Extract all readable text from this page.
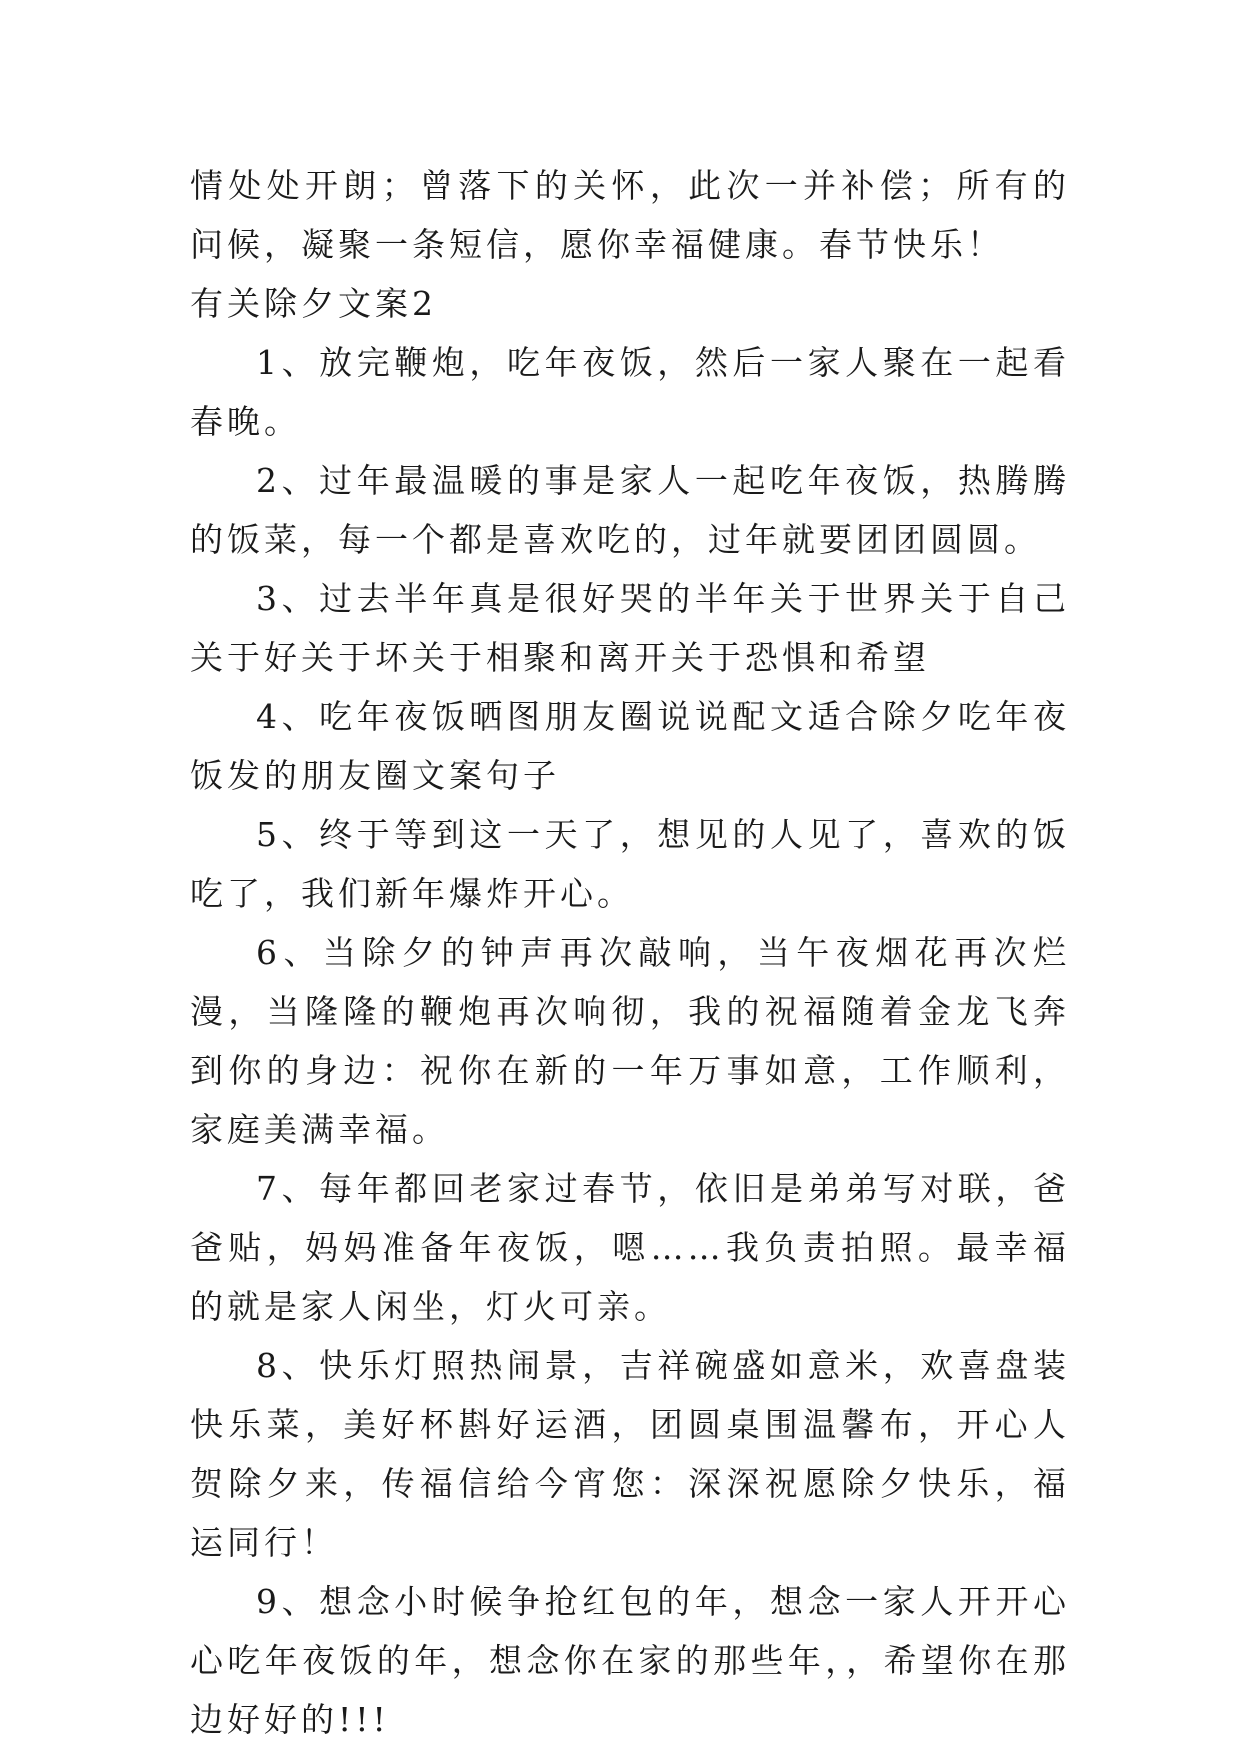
情处处开朗；曾落下的关怀，此次一并补偿；所有的问候，凝聚一条短信，愿你幸福健康。春节快乐！

有关除夕文案2

1、放完鞭炮，吃年夜饭，然后一家人聚在一起看春晚。

2、过年最温暖的事是家人一起吃年夜饭，热腾腾的饭菜，每一个都是喜欢吃的，过年就要团团圆圆。

3、过去半年真是很好哭的半年关于世界关于自己关于好关于坏关于相聚和离开关于恐惧和希望

4、吃年夜饭晒图朋友圈说说配文适合除夕吃年夜饭发的朋友圈文案句子

5、终于等到这一天了，想见的人见了，喜欢的饭吃了，我们新年爆炸开心。

6、当除夕的钟声再次敲响，当午夜烟花再次烂漫，当隆隆的鞭炮再次响彻，我的祝福随着金龙飞奔到你的身边：祝你在新的一年万事如意，工作顺利，家庭美满幸福。

7、每年都回老家过春节，依旧是弟弟写对联，爸爸贴，妈妈准备年夜饭，嗯……我负责拍照。最幸福的就是家人闲坐，灯火可亲。

8、快乐灯照热闹景，吉祥碗盛如意米，欢喜盘装快乐菜，美好杯斟好运酒，团圆桌围温馨布，开心人贺除夕来，传福信给今宵您：深深祝愿除夕快乐，福运同行！

9、想念小时候争抢红包的年，想念一家人开开心心吃年夜饭的年，想念你在家的那些年，，希望你在那边好好的!!!
